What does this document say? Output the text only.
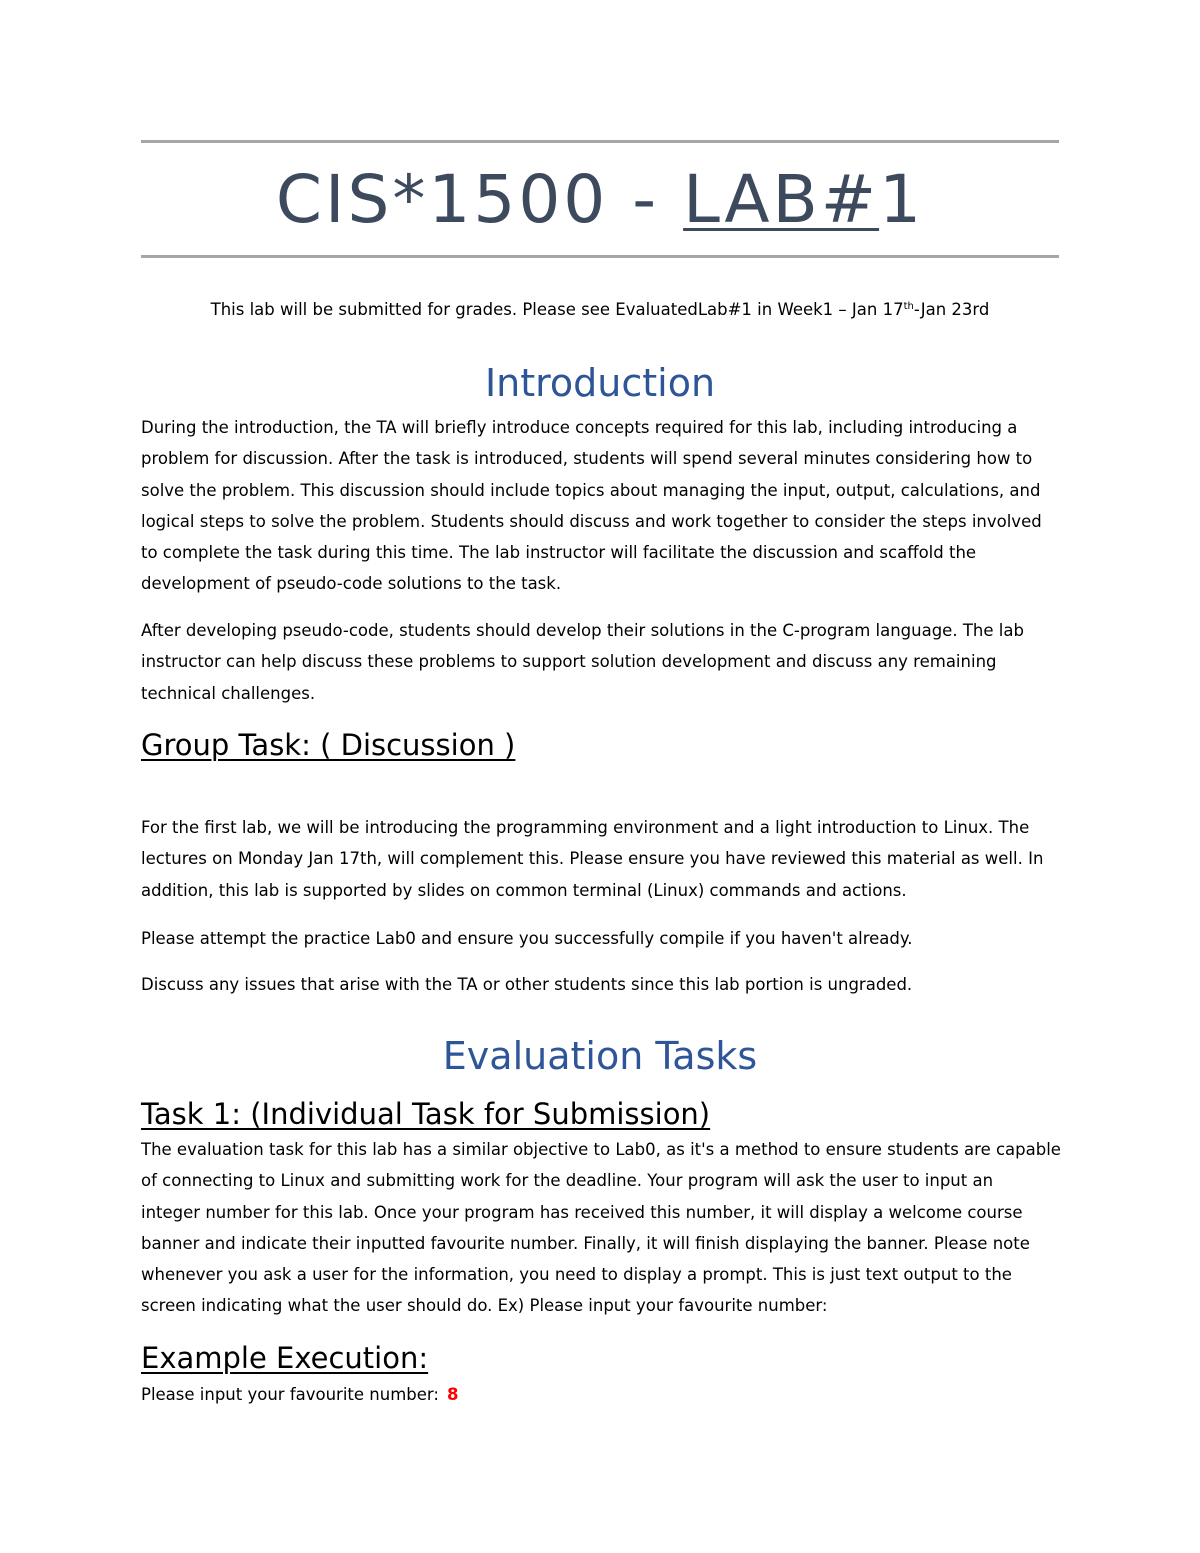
CIS*1500 - LAB#1
This lab will be submitted for grades. Please see EvaluatedLab#1 in Week1 – Jan 17th-Jan 23rd
Introduction
During the introduction, the TA will briefly introduce concepts required for this lab, including introducing a
problem for discussion. After the task is introduced, students will spend several minutes considering how to
solve the problem. This discussion should include topics about managing the input, output, calculations, and
logical steps to solve the problem. Students should discuss and work together to consider the steps involved
to complete the task during this time. The lab instructor will facilitate the discussion and scaffold the
development of pseudo-code solutions to the task.
After developing pseudo-code, students should develop their solutions in the C-program language. The lab
instructor can help discuss these problems to support solution development and discuss any remaining
technical challenges.
Group Task: ( Discussion )
For the first lab, we will be introducing the programming environment and a light introduction to Linux. The
lectures on Monday Jan 17th, will complement this. Please ensure you have reviewed this material as well. In
addition, this lab is supported by slides on common terminal (Linux) commands and actions.
Please attempt the practice Lab0 and ensure you successfully compile if you haven't already.
Discuss any issues that arise with the TA or other students since this lab portion is ungraded.
Evaluation Tasks
Task 1: (Individual Task for Submission)
The evaluation task for this lab has a similar objective to Lab0, as it's a method to ensure students are capable
of connecting to Linux and submitting work for the deadline. Your program will ask the user to input an
integer number for this lab. Once your program has received this number, it will display a welcome course
banner and indicate their inputted favourite number. Finally, it will finish displaying the banner. Please note
whenever you ask a user for the information, you need to display a prompt. This is just text output to the
screen indicating what the user should do. Ex) Please input your favourite number:
Example Execution:
Please input your favourite number: 8
